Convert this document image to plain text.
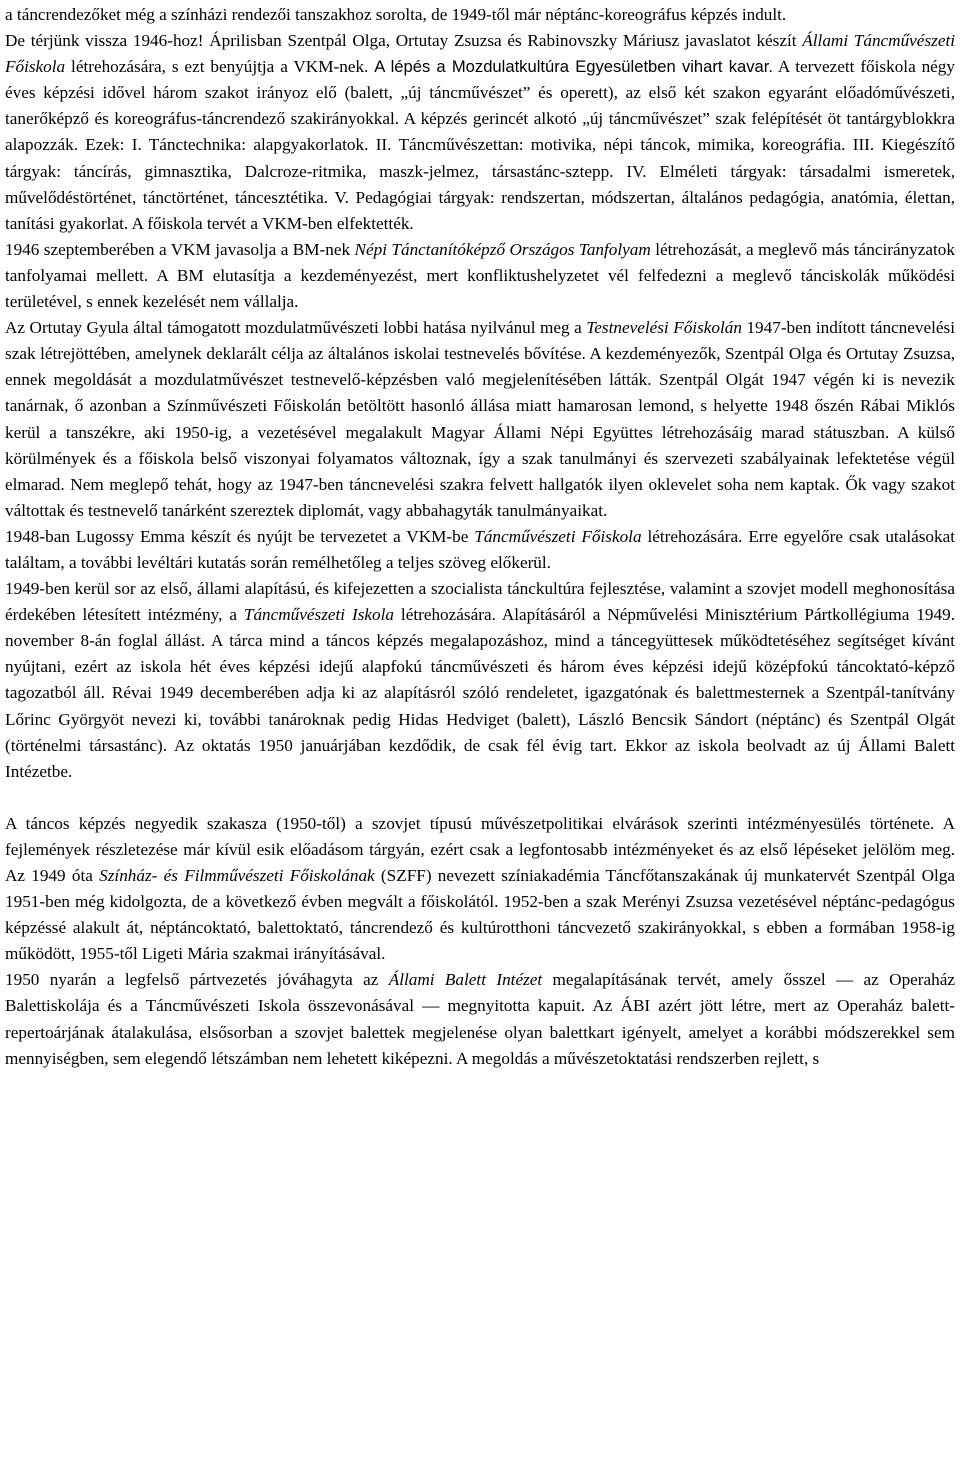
a táncrendezőket még a színházi rendezői tanszakhoz sorolta, de 1949-től már néptánc-koreográfus képzés indult.

De térjünk vissza 1946-hoz! Áprilisban Szentpál Olga, Ortutay Zsuzsa és Rabinovszky Máriusz javaslatot készít Állami Táncművészeti Főiskola létrehozására, s ezt benyújtja a VKM-nek. A lépés a Mozdulatkultúra Egyesületben vihart kavar. A tervezett főiskola négy éves képzési idővel három szakot irányoz elő (balett, „új táncművészet” és operett), az első két szakon egyaránt előadóművészeti, tanerőképző és koreográfus-táncrendező szakirányokkal. A képzés gerincét alkotó „új táncművészet” szak felépítését öt tantárgyblokkra alapozzák. Ezek: I. Tánctechnika: alapgyakorlatok. II. Táncművészettan: motivika, népi táncok, mimika, koreográfia. III. Kiegészítő tárgyak: táncírás, gimnasztika, Dalcroze-ritmika, maszk-jelmez, társastánc-sztepp. IV. Elméleti tárgyak: társadalmi ismeretek, művelődéstörténet, tánctörténet, táncesztétika. V. Pedagógiai tárgyak: rendszertan, módszertan, általános pedagógia, anatómia, élettan, tanítási gyakorlat. A főiskola tervét a VKM-ben elfektették.

1946 szeptemberében a VKM javasolja a BM-nek Népi Tánctanítóképző Országos Tanfolyam létrehozását, a meglevő más táncirányzatok tanfolyamai mellett. A BM elutasítja a kezdeményezést, mert konfliktushelyzetet vél felfedezni a meglevő tánciskolák működési területével, s ennek kezelését nem vállalja.

Az Ortutay Gyula által támogatott mozdulatművészeti lobbi hatása nyilvánul meg a Testnevelési Főiskolán 1947-ben indított táncnevelési szak létrejöttében, amelynek deklarált célja az általános iskolai testnevelés bővítése. A kezdeményezők, Szentpál Olga és Ortutay Zsuzsa, ennek megoldását a mozdulatművészet testnevelő-képzésben való megjelenítésében látták. Szentpál Olgát 1947 végén ki is nevezik tanárnak, ő azonban a Színművészeti Főiskolán betöltött hasonló állása miatt hamarosan lemond, s helyette 1948 őszén Rábai Miklós kerül a tanszékre, aki 1950-ig, a vezetésével megalakult Magyar Állami Népi Együttes létrehozásáig marad státuszban. A külső körülmények és a főiskola belső viszonyai folyamatos változnak, így a szak tanulmányi és szervezeti szabályainak lefektetése végül elmarad. Nem meglepő tehát, hogy az 1947-ben táncnevelési szakra felvett hallgatók ilyen oklevelet soha nem kaptak. Ők vagy szakot váltottak és testnevelő tanárként szereztek diplomát, vagy abbahagyták tanulmányaikat.

1948-ban Lugossy Emma készít és nyújt be tervezetet a VKM-be Táncművészeti Főiskola létrehozására. Erre egyelőre csak utalásokat találtam, a további levéltári kutatás során remélhetőleg a teljes szöveg előkerül.

1949-ben kerül sor az első, állami alapítású, és kifejezetten a szocialista tánckultúra fejlesztése, valamint a szovjet modell meghonosítása érdekében létesített intézmény, a Táncművészeti Iskola létrehozására. Alapításáról a Népművelési Minisztérium Pártkollégiuma 1949. november 8-án foglal állást. A tárca mind a táncos képzés megalapozáshoz, mind a táncegyüttesek működtetéséhez segítséget kívánt nyújtani, ezért az iskola hét éves képzési idejű alapfokú táncművészeti és három éves képzési idejű középfokú táncoktató-képző tagozatból áll. Révai 1949 decemberében adja ki az alapításról szóló rendeletet, igazgatónak és balettmesternek a Szentpál-tanítvány Lőrinc Györgyöt nevezi ki, további tanároknak pedig Hidas Hedviget (balett), László Bencsik Sándort (néptánc) és Szentpál Olgát (történelmi társastánc). Az oktatás 1950 januárjában kezdődik, de csak fél évig tart. Ekkor az iskola beolvadt az új Állami Balett Intézetbe.

A táncos képzés negyedik szakasza (1950-től) a szovjet típusú művészetpolitikai elvárások szerinti intézményesülés története. A fejlemények részletezése már kívül esik előadásom tárgyán, ezért csak a legfontosabb intézményeket és az első lépéseket jelölöm meg. Az 1949 óta Színház- és Filmművészeti Főiskolának (SZFF) nevezett színiakadémia Táncfőtanszakának új munkatervét Szentpál Olga 1951-ben még kidolgozta, de a következő évben megvált a főiskolától. 1952-ben a szak Merényi Zsuzsa vezetésével néptánc-pedagógus képzéssé alakult át, néptáncoktató, balettoktató, táncrendező és kultúrotthoni táncvezető szakirányokkal, s ebben a formában 1958-ig működött, 1955-től Ligeti Mária szakmai irányításával.

1950 nyarán a legfelső pártvezetés jóváhagyta az Állami Balett Intézet megalapításának tervét, amely ősszel — az Operaház Balettiskolája és a Táncművészeti Iskola összevonásával — megnyitotta kapuit. Az ÁBI azért jött létre, mert az Operaház balett-repertoárjának átalakulása, elsősorban a szovjet balettek megjelenése olyan balettkart igényelt, amelyet a korábbi módszerekkel sem mennyiségben, sem elegendő létszámban nem lehetett kiképezni. A megoldás a művészetoktatási rendszerben rejlett, s
